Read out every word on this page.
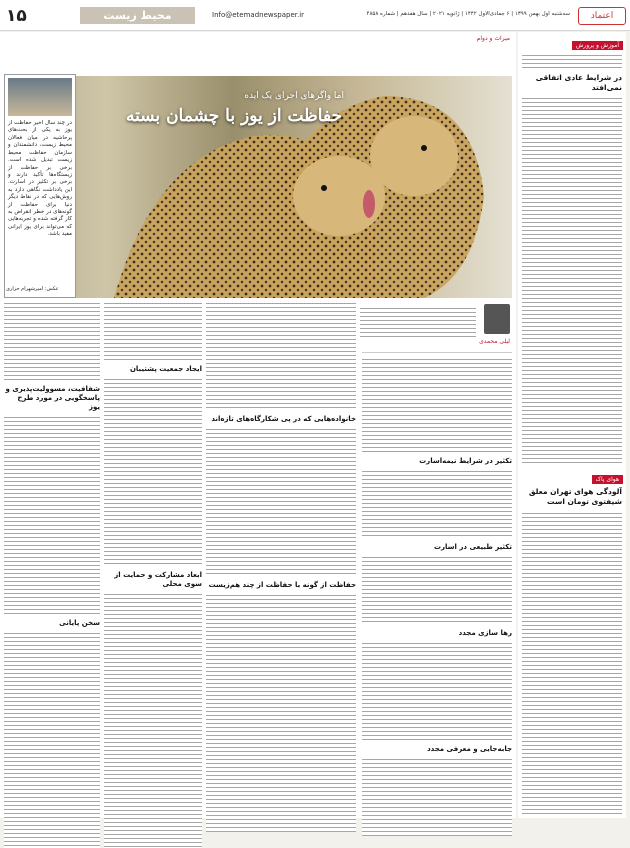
۱۵	محیط زیست	Info@etemadnewspaper.ir	سه‌شنبه اول بهمن ۱۳۹۹ | ۶ جمادی‌الاول ۱۴۴۲ | ژانویه ۲۰۲۱ | سال هفدهم | شماره ۴۸۵۸	اعتماد
آموزش و پرورش
در شرایط عادی اتفاقی نمی‌افتد
هوای پاک
آلودگی هوای تهران معلق شیفتوی تومان است
میراث و دوام
اما واگرهای اجرای یک ایده
حفاظت از یوز با چشمان بسته
در چند سال اخیر حفاظت از یوز به یکی از بحث‌های پرحاشیه در میان فعالان محیط زیست، دانشمندان و سازمان حفاظت محیط زیست تبدیل شده است. برخی بر حفاظت از زیستگاه‌ها تأکید دارند و برخی بر تکثیر در اسارت. این یادداشت نگاهی دارد به روش‌هایی که در نقاط دیگر دنیا برای حفاظت از گونه‌های در خطر انقراض به کار گرفته شده و تجربه‌هایی که می‌تواند برای یوز ایرانی مفید باشد.
عکس: امیرشهرام جزاری
لیلی محمدی
تکثیر در شرایط نیمه‌اسارت
تکثیر طبیعی در اسارت
رها سازی مجدد
جابه‌جایی و معرفی مجدد
خانواده‌هایی که در پی شکارگاه‌های تازه‌اند
حفاظت از گونه با حفاظت از چند هم‌زیست
ایجاد جمعیت پشتیبان
ابعاد مشارکت و حمایت از سوی محلی
شفافیت، مسوولیت‌پذیری و پاسخگویی در مورد طرح یوز
سخن پایانی
